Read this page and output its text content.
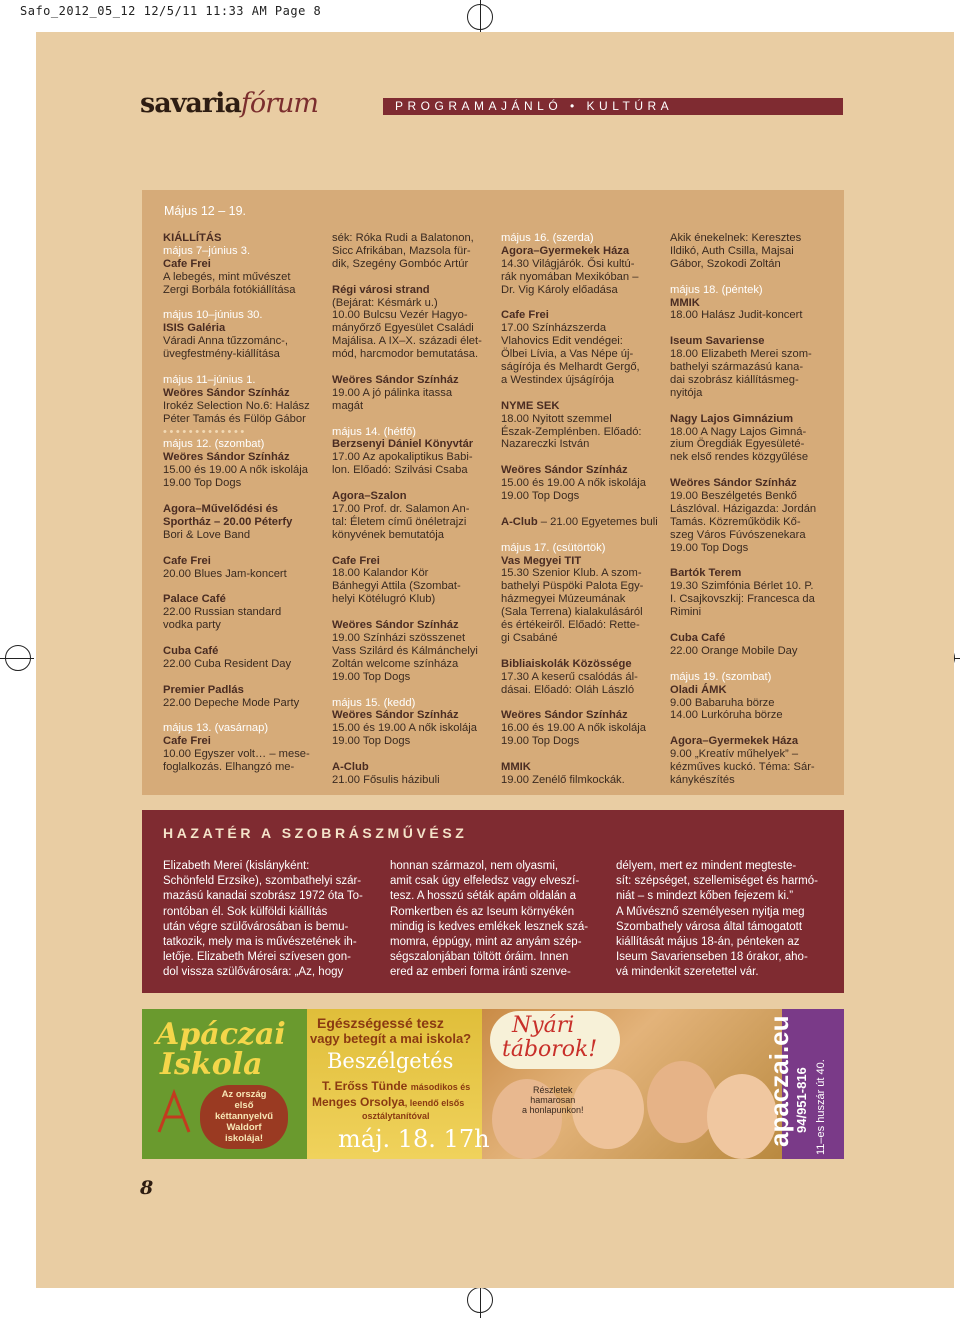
Safo_2012_05_12 12/5/11 11:33 AM Page 8
savariafórum	PROGRAMAJÁNLÓ • KULTÚRA
Május 12 – 19.
KIÁLLÍTÁS
május 7–június 3.
Cafe Frei
A lebegés, mint művészet
Zergi Borbála fotókiállítása
május 10–június 30.
ISIS Galéria
Váradi Anna tűzzománc-,
üvegfestmény-kiállítása
május 11–június 1.
Weöres Sándor Színház
Irokéz Selection No.6: Halász
Péter Tamás és Fülöp Gábor
•••••••••••••
május 12. (szombat)
Weöres Sándor Színház
15.00 és 19.00 A nők iskolája
19.00 Top Dogs
Agora–Művelődési és
Sportház – 20.00 Péterfy
Bori & Love Band
Cafe Frei
20.00 Blues Jam-koncert
Palace Café
22.00 Russian standard
vodka party
Cuba Café
22.00 Cuba Resident Day
Premier Padlás
22.00 Depeche Mode Party
május 13. (vasárnap)
Cafe Frei
10.00 Egyszer volt… – mese-
foglalkozás. Elhangzó me-
sék: Róka Rudi a Balatonon,
Sicc Afrikában, Mazsola für-
dik, Szegény Gombóc Artúr
Régi városi strand
(Bejárat: Késmárk u.)
10.00 Bulcsu Vezér Hagyo-
mányőrző Egyesület Családi
Majálisa. A IX–X. századi élet-
mód, harcmodor bemutatása.
Weöres Sándor Színház
19.00 A jó pálinka itassa
magát
május 14. (hétfő)
Berzsenyi Dániel Könyvtár
17.00 Az apokaliptikus Babi-
lon. Előadó: Szilvási Csaba
Agora–Szalon
17.00 Prof. dr. Salamon An-
tal: Életem című önéletrajzi
könyvének bemutatója
Cafe Frei
18.00 Kalandor Kör
Bánhegyi Attila (Szombat-
helyi Kötélugró Klub)
Weöres Sándor Színház
19.00 Színházi szösszenet
Vass Szilárd és Kálmánchelyi
Zoltán welcome színháza
19.00 Top Dogs
május 15. (kedd)
Weöres Sándor Színház
15.00 és 19.00 A nők iskolája
19.00 Top Dogs
A-Club
21.00 Fősulis házibuli
május 16. (szerda)
Agora–Gyermekek Háza
14.30 Világjárók. Ősi kultú-
rák nyomában Mexikóban –
Dr. Vig Károly előadása
Cafe Frei
17.00 Színházszerda
Vlahovics Edit vendégei:
Ölbei Lívia, a Vas Népe új-
ságírója és Melhardt Gergő,
a Westindex újságírója
NYME SEK
18.00 Nyitott szemmel
Észak-Zemplénben. Előadó:
Nazareczki István
Weöres Sándor Színház
15.00 és 19.00 A nők iskolája
19.00 Top Dogs
A-Club – 21.00 Egyetemes buli
május 17. (csütörtök)
Vas Megyei TIT
15.30 Szenior Klub. A szom-
bathelyi Püspöki Palota Egy-
házmegyei Múzeumának
(Sala Terrena) kialakulásáról
és értékeiről. Előadó: Rette-
gi Csabáné
Bibliaiskolák Közössége
17.30 A keserű csalódás ál-
dásai. Előadó: Oláh László
Weöres Sándor Színház
16.00 és 19.00 A nők iskolája
19.00 Top Dogs
MMIK
19.00 Zenélő filmkockák.
Akik énekelnek: Keresztes
Ildikó, Auth Csilla, Majsai
Gábor, Szokodi Zoltán
május 18. (péntek)
MMIK
18.00 Halász Judit-koncert
Iseum Savariense
18.00 Elizabeth Merei szom-
bathelyi származású kana-
dai szobrász kiállításmeg-
nyitója
Nagy Lajos Gimnázium
18.00 A Nagy Lajos Gimná-
zium Öregdiák Egyesületé-
nek első rendes közgyűlése
Weöres Sándor Színház
19.00 Beszélgetés Benkő
Lászlóval. Házigazda: Jordán
Tamás. Közreműködik Kő-
szeg Város Fúvószenekara
19.00 Top Dogs
Bartók Terem
19.30 Szimfónia Bérlet 10. P.
I. Csajkovszkij: Francesca da
Rimini
Cuba Café
22.00 Orange Mobile Day
május 19. (szombat)
Oladi ÁMK
9.00 Babaruha börze
14.00 Lurkóruha börze
Agora–Gyermekek Háza
9.00 „Kreatív műhelyek” –
kézműves kuckó. Téma: Sár-
kánykészítés
HAZATÉR A SZOBRÁSZMŰVÉSZ
Elizabeth Merei (kislányként:
Schönfeld Erzsike), szombathelyi szár-
mazású kanadai szobrász 1972 óta To-
rontóban él. Sok külföldi kiállítás
után végre szülővárosában is bemu-
tatkozik, mely ma is művészetének ih-
letője. Elizabeth Mérei szívesen gon-
dol vissza szülővárosára: „Az, hogy
honnan származol, nem olyasmi,
amit csak úgy elfeledsz vagy elveszí-
tesz. A hosszú séták apám oldalán a
Romkertben és az Iseum környékén
mindig is kedves emlékek lesznek szá-
momra, éppúgy, mint az anyám szép-
ségszalonjában töltött óráim. Innen
ered az emberi forma iránti szenve-
délyem, mert ez mindent megteste-
sít: szépséget, szellemiséget és harmó-
niát – s mindezt kőben fejezem ki.”
A Művésznő személyesen nyitja meg
Szombathely városa által támogatott
kiállítását május 18-án, pénteken az
Iseum Savarienseben 18 órakor, aho-
vá mindenkit szeretettel vár.
Apáczai
Iskola
Az ország
első
kéttannyelvű
Waldorf
iskolája!
Egészségessé tesz
vagy betegít a mai iskola?
Beszélgetés
T. Erőss Tünde másodikos és
Menges Orsolya, leendő elsős
osztálytanítóval
máj. 18. 17h
Nyári
táborok!
Részletek
hamarosan
a honlapunkon!	apaczai.eu 94/951-816 11–es huszár út 40.
8
